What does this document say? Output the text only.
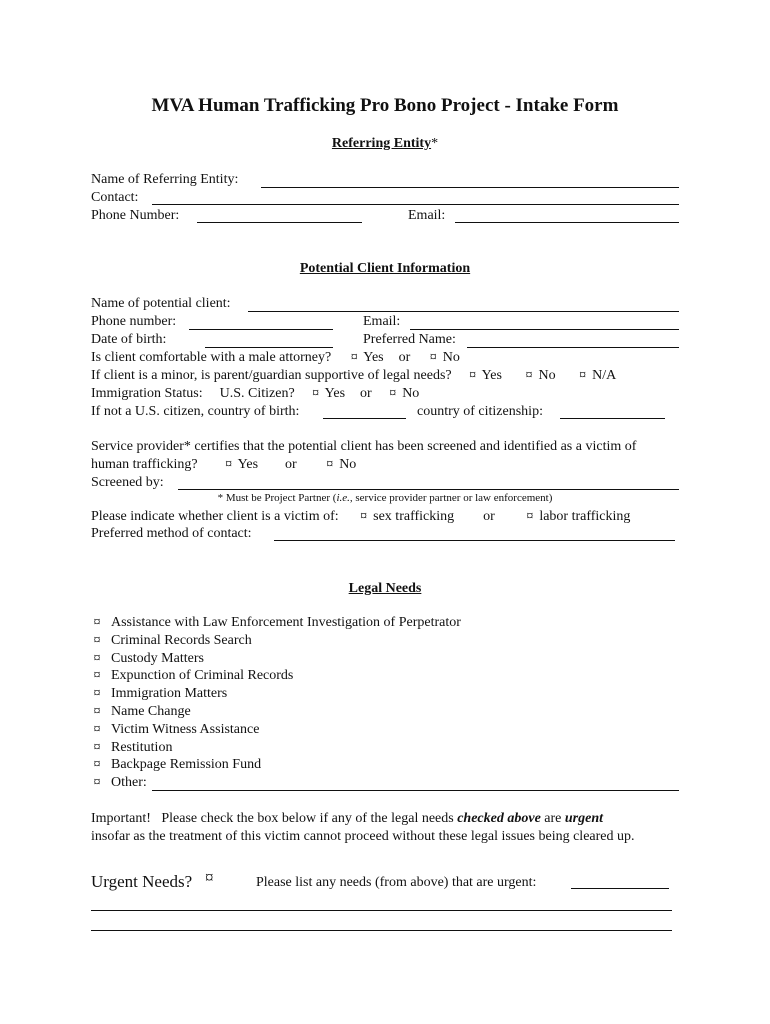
MVA Human Trafficking Pro Bono Project - Intake Form
Referring Entity*
Name of Referring Entity:
Contact:
Phone Number:	Email:
Potential Client Information
Name of potential client:
Phone number:	Email:
Date of birth:	Preferred Name:
Is client comfortable with a male attorney? ¤ Yes or ¤ No
If client is a minor, is parent/guardian supportive of legal needs? ¤ Yes ¤ No ¤ N/A
Immigration Status: U.S. Citizen? ¤ Yes or ¤ No
If not a U.S. citizen, country of birth:	country of citizenship:
Service provider* certifies that the potential client has been screened and identified as a victim of
human trafficking? ¤ Yes or ¤ No
Screened by:
* Must be Project Partner (i.e., service provider partner or law enforcement)
Please indicate whether client is a victim of: ¤ sex trafficking or ¤ labor trafficking
Preferred method of contact:
Legal Needs
¤ Assistance with Law Enforcement Investigation of Perpetrator
¤ Criminal Records Search
¤ Custody Matters
¤ Expunction of Criminal Records
¤ Immigration Matters
¤ Name Change
¤ Victim Witness Assistance
¤ Restitution
¤ Backpage Remission Fund
¤ Other:
Important!   Please check the box below if any of the legal needs checked above are urgent
insofar as the treatment of this victim cannot proceed without these legal issues being cleared up.
Urgent Needs? ¤	Please list any needs (from above) that are urgent:
